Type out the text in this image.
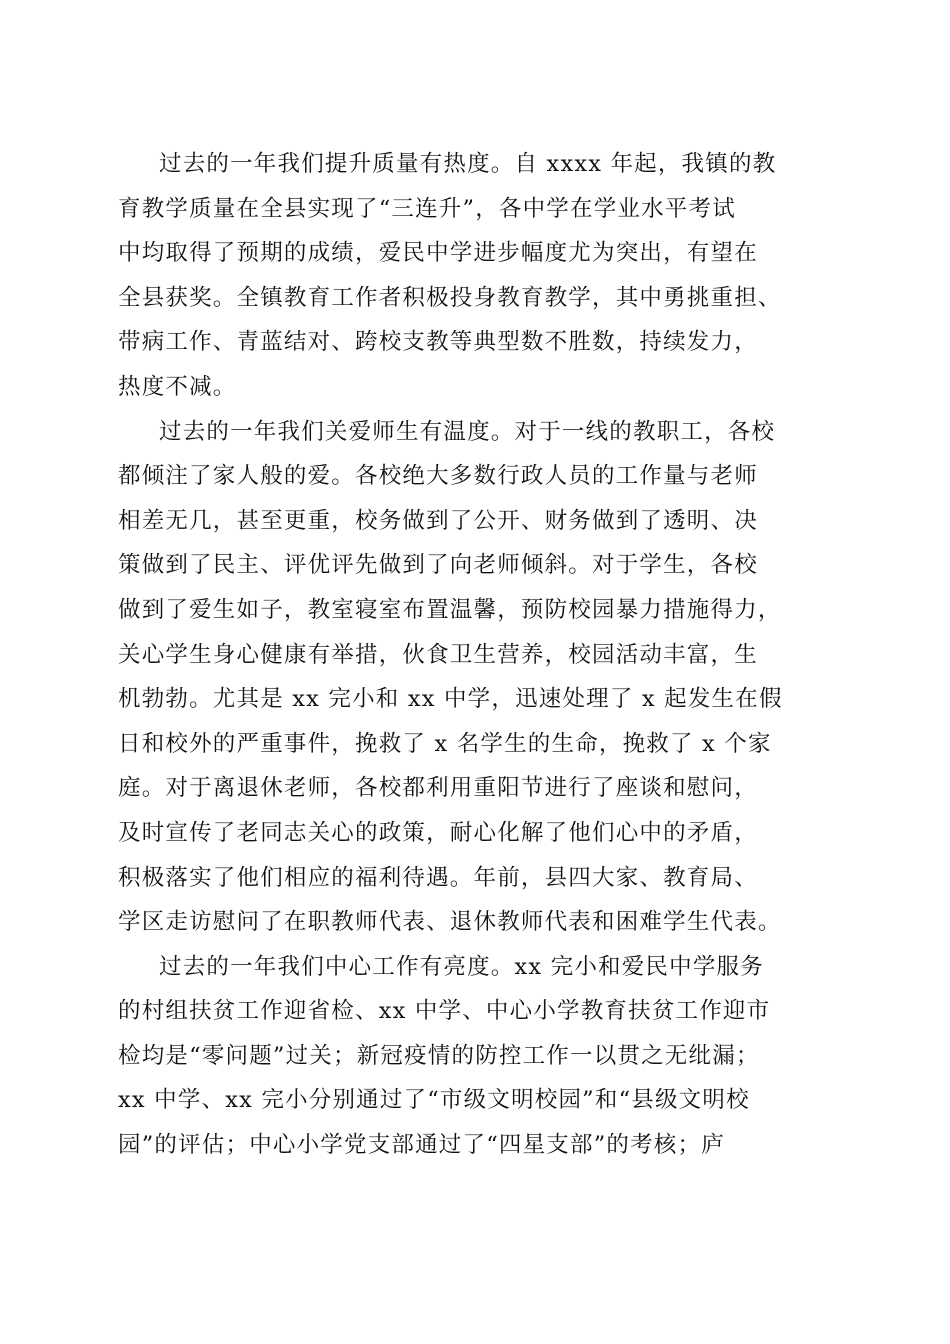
过去的一年我们提升质量有热度。自 xxxx 年起，我镇的教
育教学质量在全县实现了“三连升”，各中学在学业水平考试
中均取得了预期的成绩，爱民中学进步幅度尤为突出，有望在
全县获奖。全镇教育工作者积极投身教育教学，其中勇挑重担、
带病工作、青蓝结对、跨校支教等典型数不胜数，持续发力，
热度不减。
过去的一年我们关爱师生有温度。对于一线的教职工，各校
都倾注了家人般的爱。各校绝大多数行政人员的工作量与老师
相差无几，甚至更重，校务做到了公开、财务做到了透明、决
策做到了民主、评优评先做到了向老师倾斜。对于学生，各校
做到了爱生如子，教室寝室布置温馨，预防校园暴力措施得力，
关心学生身心健康有举措，伙食卫生营养，校园活动丰富，生
机勃勃。尤其是 xx 完小和 xx 中学，迅速处理了 x 起发生在假
日和校外的严重事件，挽救了 x 名学生的生命，挽救了 x 个家
庭。对于离退休老师，各校都利用重阳节进行了座谈和慰问，
及时宣传了老同志关心的政策，耐心化解了他们心中的矛盾，
积极落实了他们相应的福利待遇。年前，县四大家、教育局、
学区走访慰问了在职教师代表、退休教师代表和困难学生代表。
过去的一年我们中心工作有亮度。xx 完小和爱民中学服务
的村组扶贫工作迎省检、xx 中学、中心小学教育扶贫工作迎市
检均是“零问题”过关；新冠疫情的防控工作一以贯之无纰漏；
xx 中学、xx 完小分别通过了“市级文明校园”和“县级文明校
园”的评估；中心小学党支部通过了“四星支部”的考核；庐
